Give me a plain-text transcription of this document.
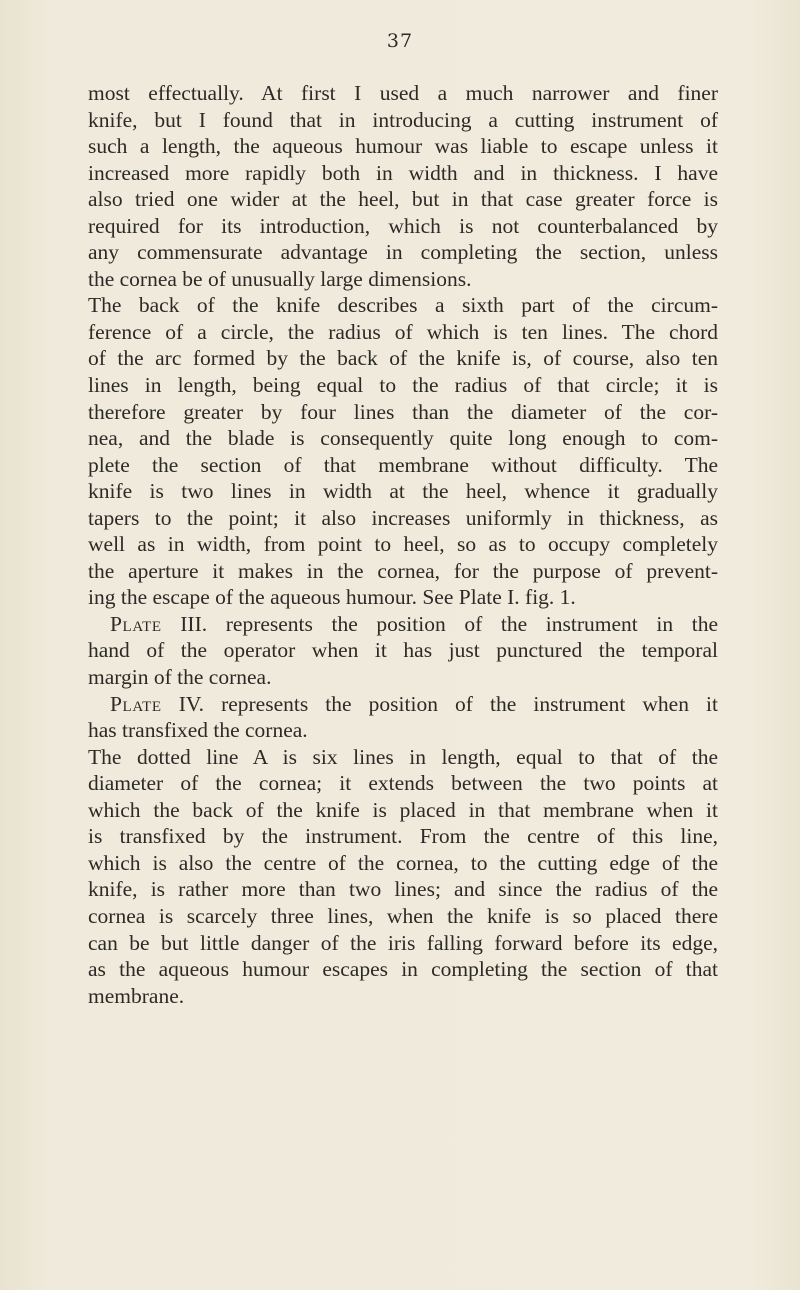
37
most effectually. At first I used a much narrower and finer
knife, but I found that in introducing a cutting instrument of
such a length, the aqueous humour was liable to escape unless it
increased more rapidly both in width and in thickness. I have
also tried one wider at the heel, but in that case greater force is
required for its introduction, which is not counterbalanced by
any commensurate advantage in completing the section, unless
the cornea be of unusually large dimensions.
The back of the knife describes a sixth part of the circum-
ference of a circle, the radius of which is ten lines. The chord
of the arc formed by the back of the knife is, of course, also ten
lines in length, being equal to the radius of that circle; it is
therefore greater by four lines than the diameter of the cor-
nea, and the blade is consequently quite long enough to com-
plete the section of that membrane without difficulty. The
knife is two lines in width at the heel, whence it gradually
tapers to the point; it also increases uniformly in thickness, as
well as in width, from point to heel, so as to occupy completely
the aperture it makes in the cornea, for the purpose of prevent-
ing the escape of the aqueous humour. See Plate I. fig. 1.
Plate III. represents the position of the instrument in the
hand of the operator when it has just punctured the temporal
margin of the cornea.
Plate IV. represents the position of the instrument when it
has transfixed the cornea.
The dotted line A is six lines in length, equal to that of the
diameter of the cornea; it extends between the two points at
which the back of the knife is placed in that membrane when it
is transfixed by the instrument. From the centre of this line,
which is also the centre of the cornea, to the cutting edge of the
knife, is rather more than two lines; and since the radius of the
cornea is scarcely three lines, when the knife is so placed there
can be but little danger of the iris falling forward before its edge,
as the aqueous humour escapes in completing the section of that
membrane.
